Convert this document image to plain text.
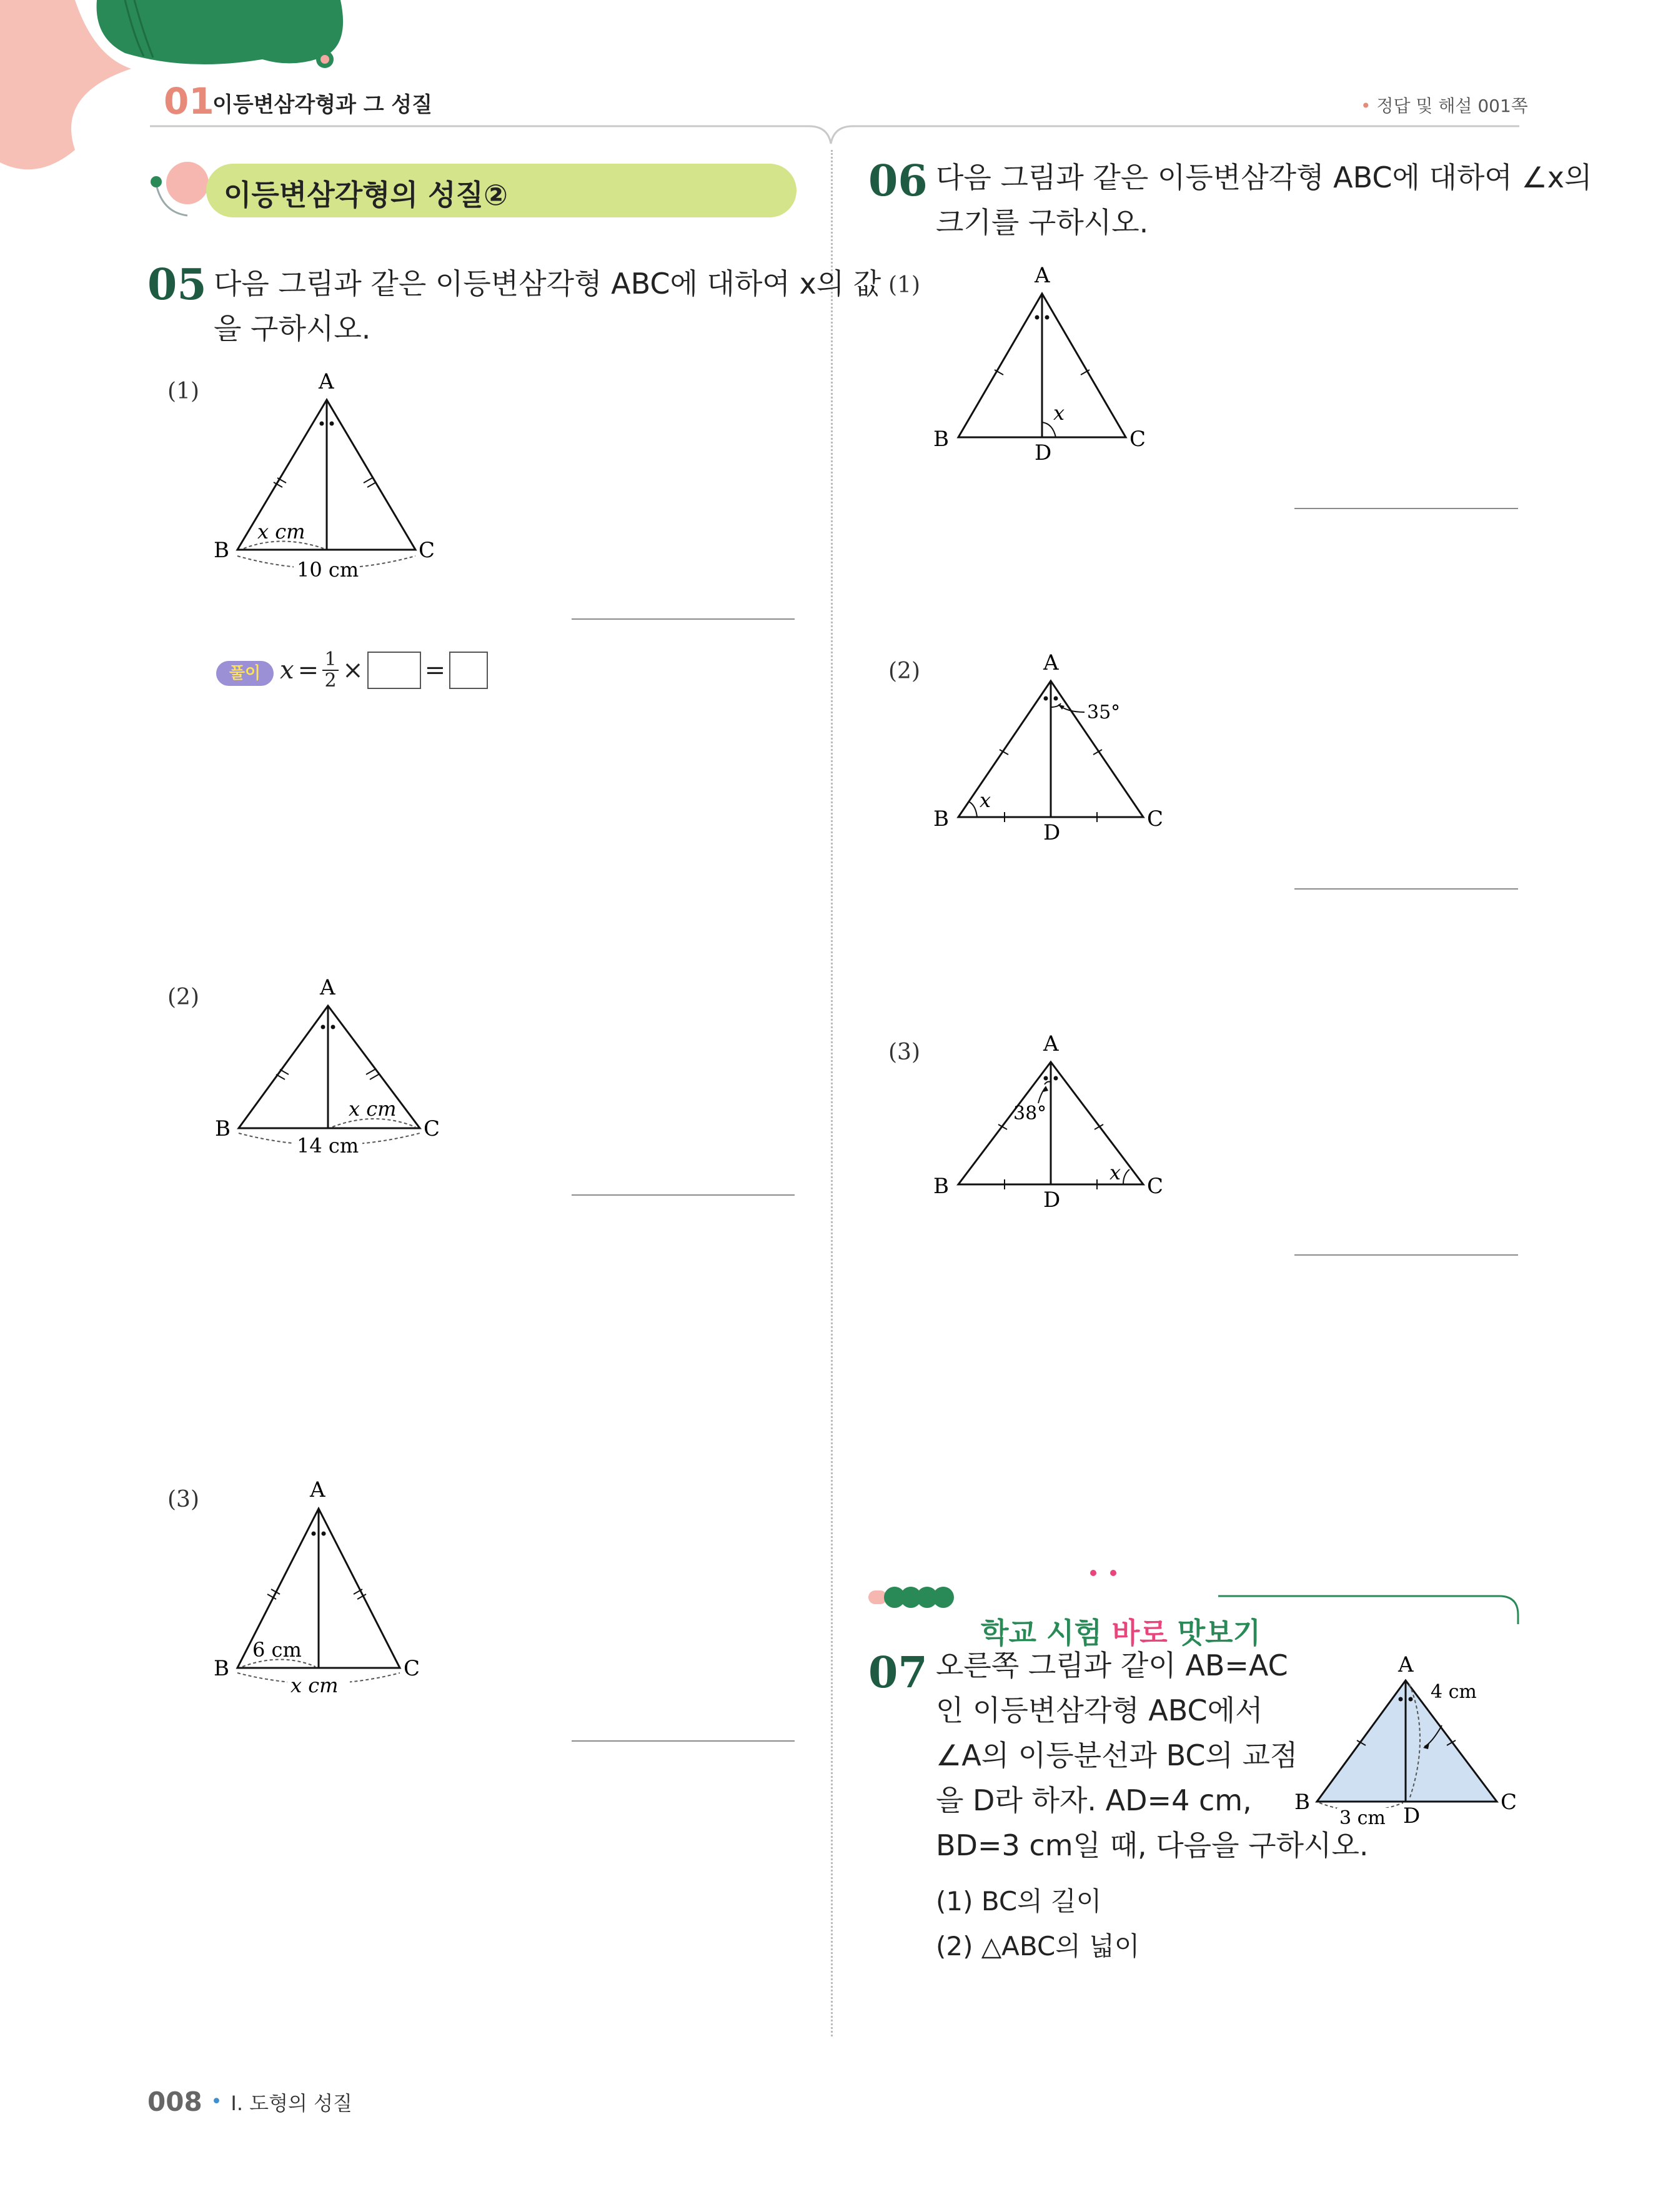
01
이등변삼각형과 그 성질	• 정답 및 해설 001쪽
이등변삼각형의 성질②
05 다음 그림과 같은 이등변삼각형 ABC에 대하여 x의 값
을 구하시오.
(1)	A
B	C
x cm
10 cm
풀이 x = 1
2 × =
(2)	A
B	C
x cm
14 cm
(3)	A
B	C
6 cm
x cm
06 다음 그림과 같은 이등변삼각형 ABC에 대하여 ∠x의
크기를 구하시오.
(1)	A
B	C
D
x
(2)	A
B	C
D
x
35°
(3)	A
B	C
D
x
38°

학교 시험 바로 맛보기

07 오른쪽 그림과 같이 AB=AC
인 이등변삼각형 ABC에서
∠A의 이등분선과 BC의 교점
을 D라 하자. AD=4 cm,
BD=3 cm일 때, 다음을 구하시오.
(1) BC의 길이
(2) △ABC의 넓이
A
B	C
D
4 cm
3 cm
008 • I. 도형의 성질
